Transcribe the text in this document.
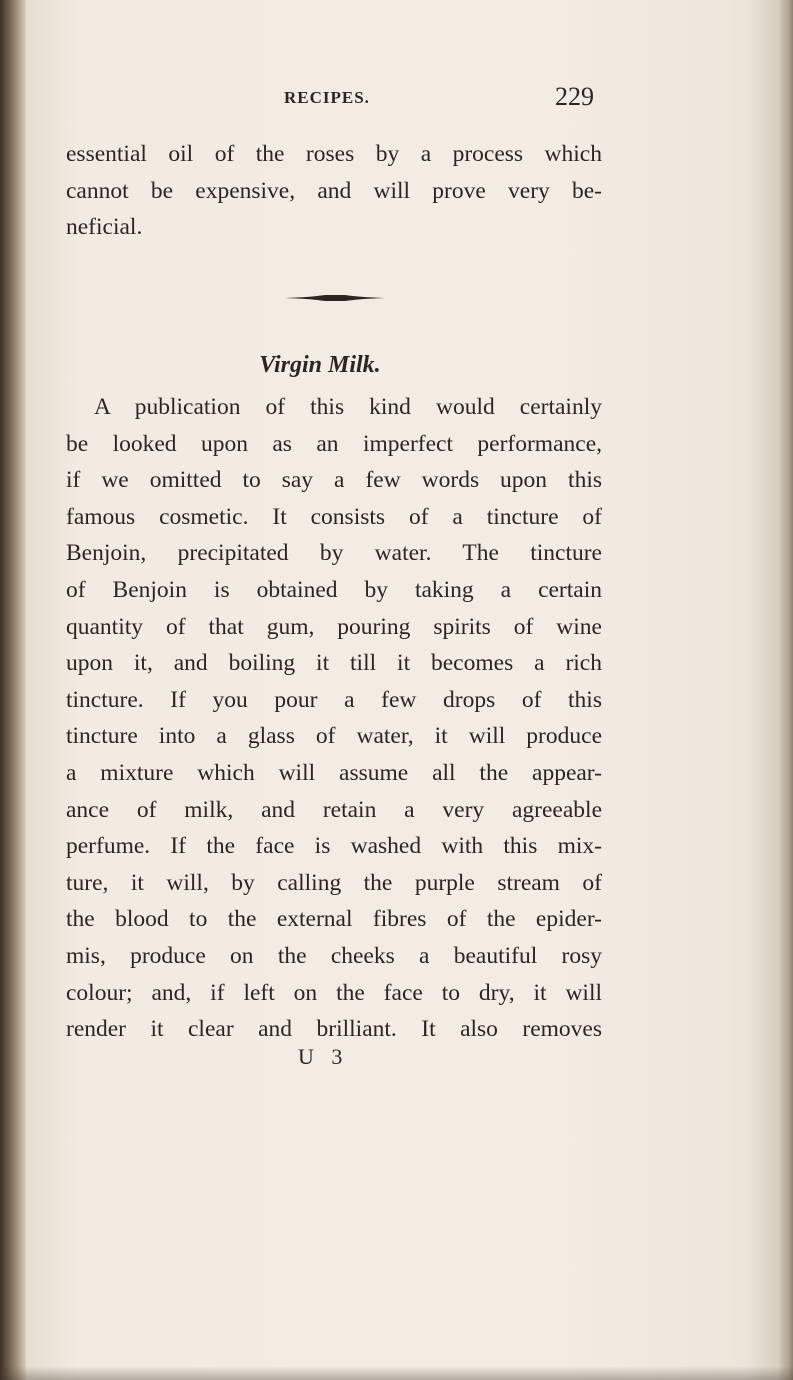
RECIPES.	229
essential oil of the roses by a process which
cannot be expensive, and will prove very be-
neficial.
Virgin Milk.
A publication of this kind would certainly
be looked upon as an imperfect performance,
if we omitted to say a few words upon this
famous cosmetic. It consists of a tincture of
Benjoin, precipitated by water. The tincture
of Benjoin is obtained by taking a certain
quantity of that gum, pouring spirits of wine
upon it, and boiling it till it becomes a rich
tincture. If you pour a few drops of this
tincture into a glass of water, it will produce
a mixture which will assume all the appear-
ance of milk, and retain a very agreeable
perfume. If the face is washed with this mix-
ture, it will, by calling the purple stream of
the blood to the external fibres of the epider-
mis, produce on the cheeks a beautiful rosy
colour; and, if left on the face to dry, it will
render it clear and brilliant. It also removes
U 3
